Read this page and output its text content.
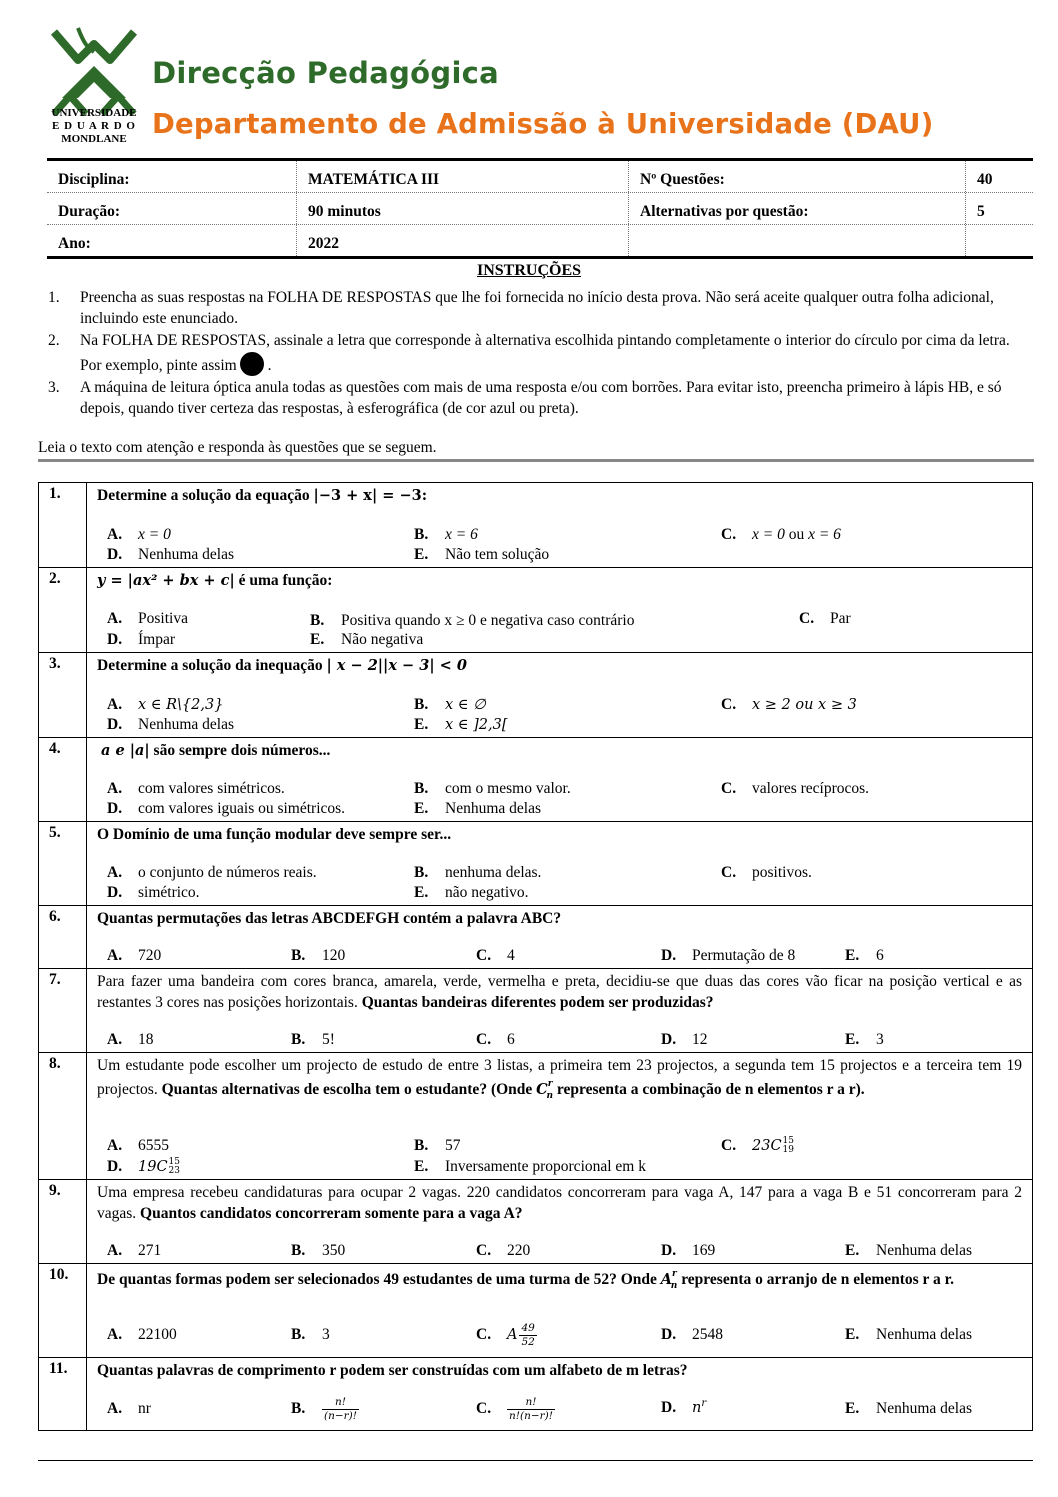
UNIVERSIDADE
E D U A R D O
MONDLANE
Direcção Pedagógica
Departamento de Admissão à Universidade (DAU)
Disciplina:	MATEMÁTICA III	Nº Questões:	40
Duração:	90 minutos	Alternativas por questão:	5
Ano:	2022
INSTRUÇÕES
1.	Preencha as suas respostas na FOLHA DE RESPOSTAS que lhe foi fornecida no início desta prova. Não será aceite qualquer outra folha adicional, incluindo este enunciado.
2.	Na FOLHA DE RESPOSTAS, assinale a letra que corresponde à alternativa escolhida pintando completamente o interior do círculo por cima da letra. Por exemplo, pinte assim .
3.	A máquina de leitura óptica anula todas as questões com mais de uma resposta e/ou com borrões. Para evitar isto, preencha primeiro à lápis HB, e só depois, quando tiver certeza das respostas, à esferográfica (de cor azul ou preta).
Leia o texto com atenção e responda às questões que se seguem.
1.	Determine a solução da equação |−3 + x| = −3:
A. x = 0	B. x = 6	C. x = 0 ou x = 6
D. Nenhuma delas	E. Não tem solução
2.	y = |ax² + bx + c| é uma função:
A. Positiva	B. Positiva quando x ≥ 0 e negativa caso contrário	C. Par
D. Ímpar	E. Não negativa
3.	Determine a solução da inequação | x − 2||x − 3| < 0
A. x ∈ R\{2,3}	B. x ∈ ∅	C. x ≥ 2 ou x ≥ 3
D. Nenhuma delas	E. x ∈ ]2,3[
4.	a e |a| são sempre dois números...
A. com valores simétricos.	B. com o mesmo valor.	C. valores recíprocos.
D. com valores iguais ou simétricos.	E. Nenhuma delas
5.	O Domínio de uma função modular deve sempre ser...
A. o conjunto de números reais.	B. nenhuma delas.	C. positivos.
D. simétrico.	E. não negativo.
6.	Quantas permutações das letras ABCDEFGH contém a palavra ABC?
A. 720	B. 120	C. 4	D. Permutação de 8	E. 6
7.	Para fazer uma bandeira com cores branca, amarela, verde, vermelha e preta, decidiu-se que duas das cores vão ficar na posição vertical e as restantes 3 cores nas posições horizontais. Quantas bandeiras diferentes podem ser produzidas?
A. 18	B. 5!	C. 6	D. 12	E. 3
8.	Um estudante pode escolher um projecto de estudo de entre 3 listas, a primeira tem 23 projectos, a segunda tem 15 projectos e a terceira tem 19 projectos. Quantas alternativas de escolha tem o estudante? (Onde $C^r_n$ representa a combinação de n elementos r a r).
A. 6555	B. 57	C. 23C 15
19
D. 19C 15
23	E. Inversamente proporcional em k
9.	Uma empresa recebeu candidaturas para ocupar 2 vagas. 220 candidatos concorreram para vaga A, 147 para a vaga B e 51 concorreram para 2 vagas. Quantos candidatos concorreram somente para a vaga A?
A. 271	B. 350	C. 220	D. 169	E. Nenhuma delas
10.	De quantas formas podem ser selecionados 49 estudantes de uma turma de 52? Onde $A^r_n$ representa o arranjo de n elementos r a r.
A. 22100	B. 3	C. A $\frac{49}{52}$	D. 2548	E. Nenhuma delas
11.	Quantas palavras de comprimento r podem ser construídas com um alfabeto de m letras?
A. nr	B. $\frac{n!}{(n-r)!}$	C. $\frac{n!}{n!(n-r)!}$	D. $n^r$	E. Nenhuma delas
